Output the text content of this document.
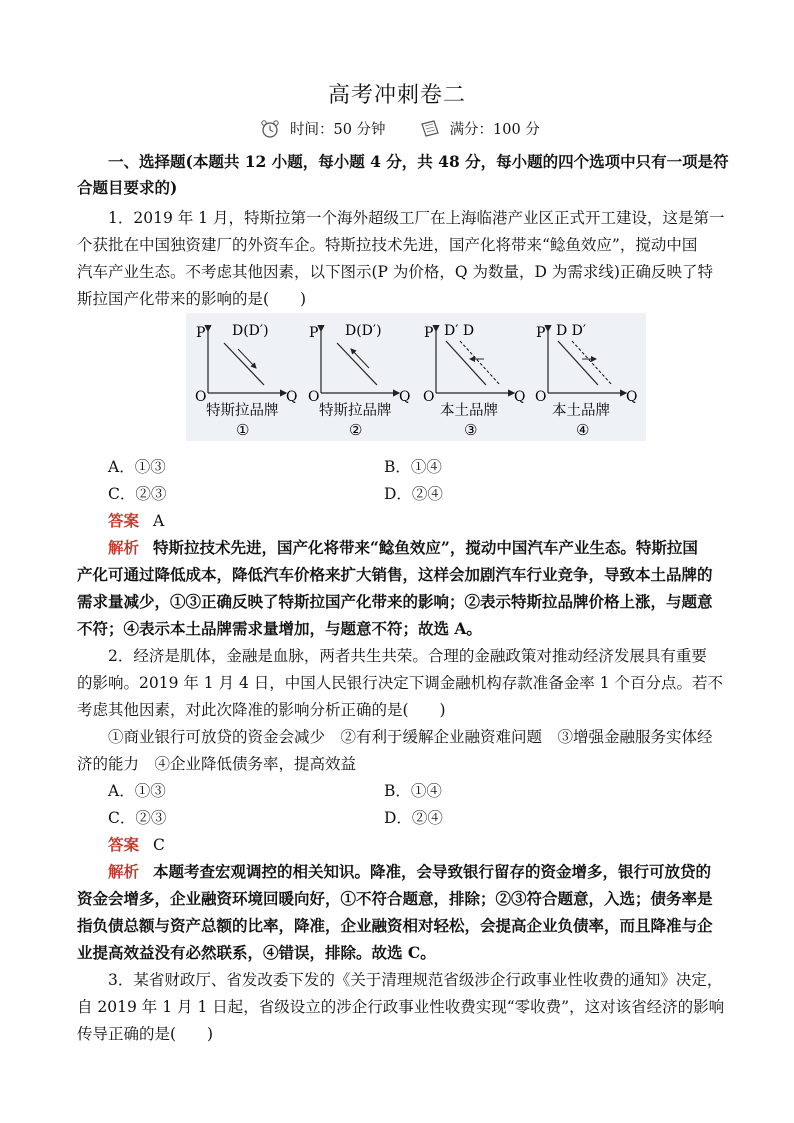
高考冲刺卷二
时间：50 分钟	满分：100 分
一、选择题(本题共 12 小题，每小题 4 分，共 48 分，每小题的四个选项中只有一项是符
合题目要求的)
1．2019 年 1 月，特斯拉第一个海外超级工厂在上海临港产业区正式开工建设，这是第一
个获批在中国独资建厂的外资车企。特斯拉技术先进，国产化将带来“鲶鱼效应”，搅动中国
汽车产业生态。不考虑其他因素，以下图示(P 为价格，Q 为数量，D 为需求线)正确反映了特
斯拉国产化带来的影响的是(　　)
P
Q
O
D(D′)
特斯拉品牌
①
P
Q
O
D(D′)
特斯拉品牌
②
P
Q
O
D′ D
本土品牌
③
P
Q
O
D D′
本土品牌
④
A．①③	B．①④
C．②③	D．②④
答案 A
解析 特斯拉技术先进，国产化将带来“鲶鱼效应”，搅动中国汽车产业生态。特斯拉国
产化可通过降低成本，降低汽车价格来扩大销售，这样会加剧汽车行业竞争，导致本土品牌的
需求量减少，①③正确反映了特斯拉国产化带来的影响；②表示特斯拉品牌价格上涨，与题意
不符；④表示本土品牌需求量增加，与题意不符；故选 A。
2．经济是肌体，金融是血脉，两者共生共荣。合理的金融政策对推动经济发展具有重要
的影响。2019 年 1 月 4 日，中国人民银行决定下调金融机构存款准备金率 1 个百分点。若不
考虑其他因素，对此次降准的影响分析正确的是(　　)
①商业银行可放贷的资金会减少　②有利于缓解企业融资难问题　③增强金融服务实体经
济的能力　④企业降低债务率，提高效益
A．①③	B．①④
C．②③	D．②④
答案 C
解析 本题考查宏观调控的相关知识。降准，会导致银行留存的资金增多，银行可放贷的
资金会增多，企业融资环境回暖向好，①不符合题意，排除；②③符合题意，入选；债务率是
指负债总额与资产总额的比率，降准，企业融资相对轻松，会提高企业负债率，而且降准与企
业提高效益没有必然联系，④错误，排除。故选 C。
3．某省财政厅、省发改委下发的《关于清理规范省级涉企行政事业性收费的通知》决定，
自 2019 年 1 月 1 日起，省级设立的涉企行政事业性收费实现“零收费”，这对该省经济的影响
传导正确的是(　　)
